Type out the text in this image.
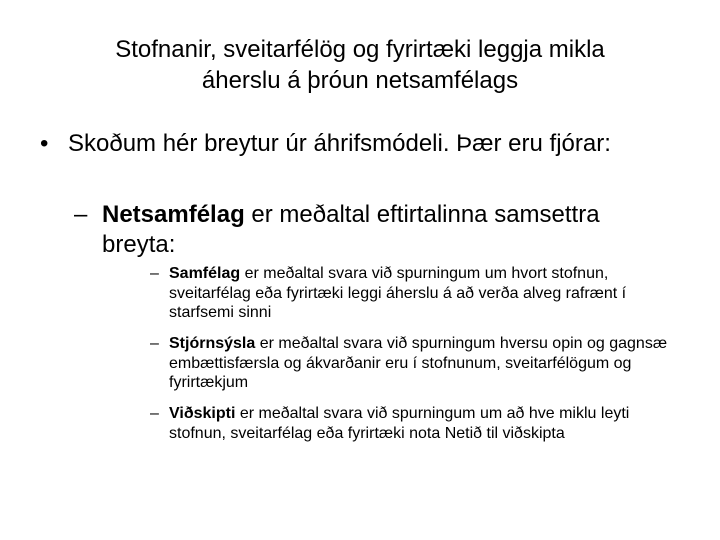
Stofnanir, sveitarfélög og fyrirtæki leggja mikla
áherslu á þróun netsamfélags
• Skoðum hér breytur úr áhrifsmódeli. Þær eru fjórar:
– Netsamfélag er meðaltal eftirtalinna samsettra breyta:
– Samfélag er meðaltal svara við spurningum um hvort stofnun, sveitarfélag eða fyrirtæki leggi áherslu á að verða alveg rafrænt í starfsemi sinni
– Stjórnsýsla er meðaltal svara við spurningum hversu opin og gagnsæ embættisfærsla og ákvarðanir eru í stofnunum, sveitarfélögum og fyrirtækjum
– Viðskipti er meðaltal svara við spurningum um að hve miklu leyti stofnun, sveitarfélag eða fyrirtæki nota Netið til viðskipta
